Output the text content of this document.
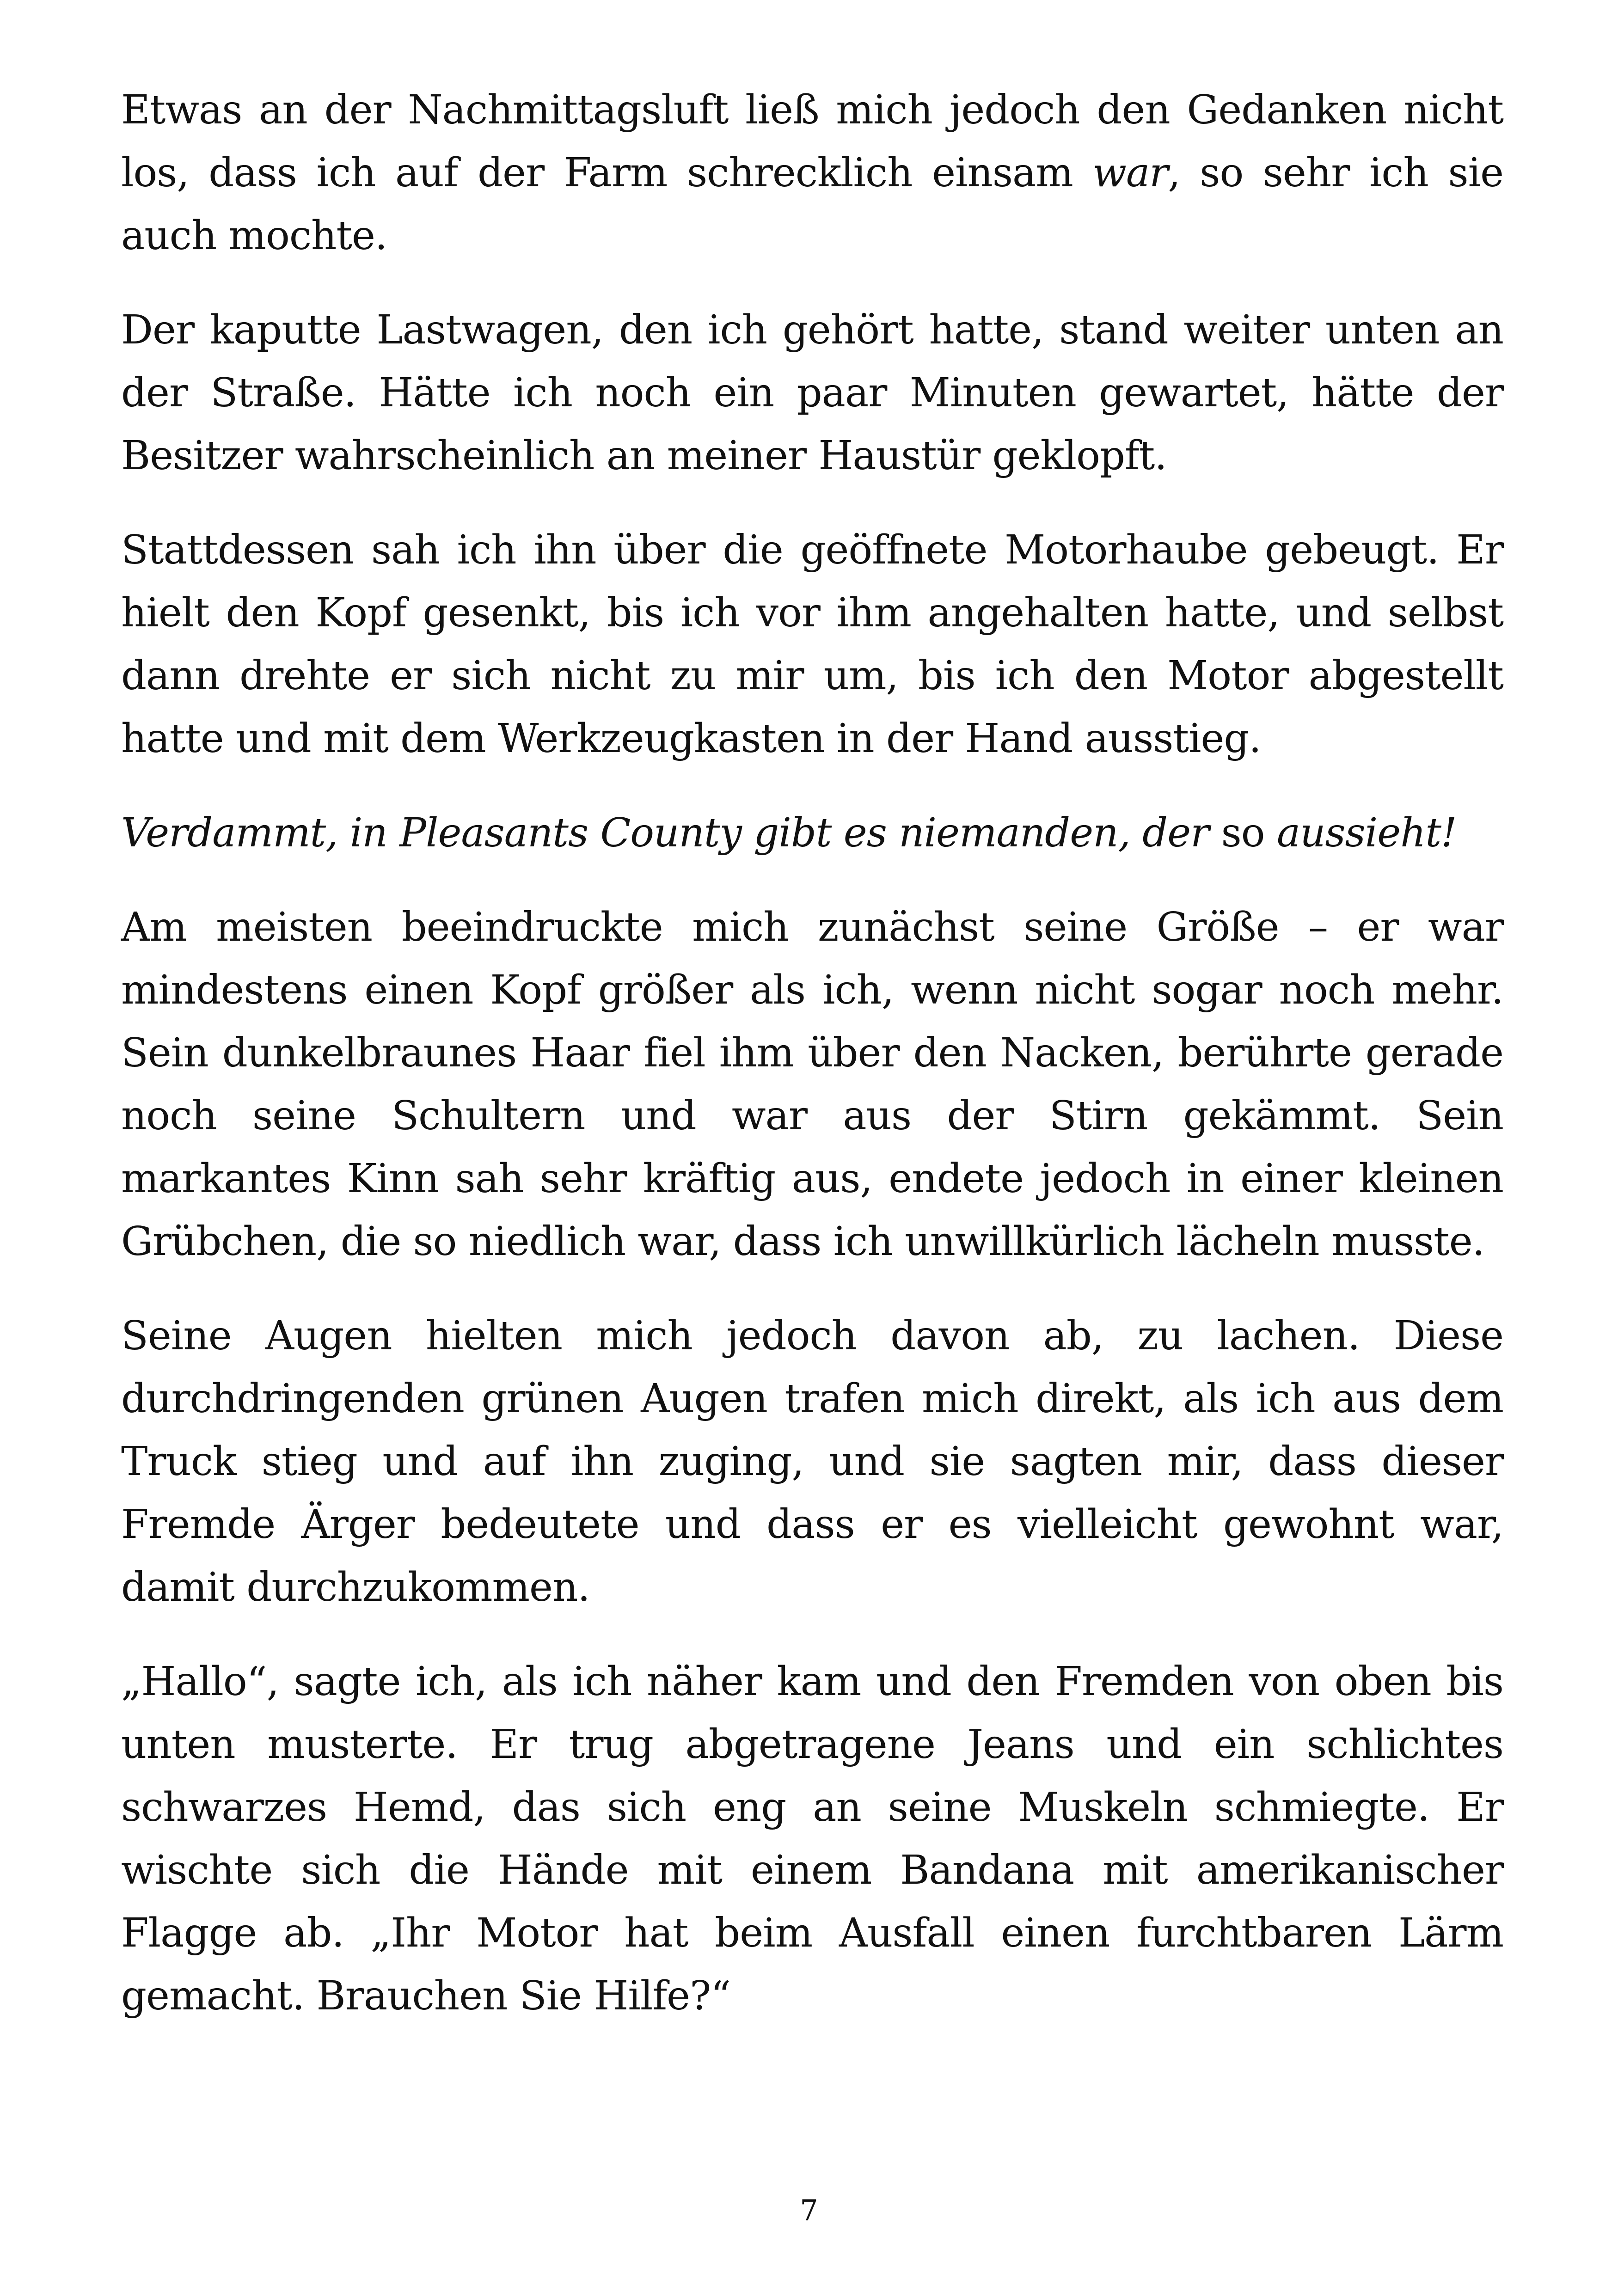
Etwas an der Nachmittagsluft ließ mich jedoch den Gedanken nicht los, dass ich auf der Farm schrecklich einsam war, so sehr ich sie auch mochte.

Der kaputte Lastwagen, den ich gehört hatte, stand weiter unten an der Straße. Hätte ich noch ein paar Minuten gewartet, hätte der Besitzer wahrscheinlich an meiner Haustür geklopft.

Stattdessen sah ich ihn über die geöffnete Motorhaube gebeugt. Er hielt den Kopf gesenkt, bis ich vor ihm angehalten hatte, und selbst dann drehte er sich nicht zu mir um, bis ich den Motor abgestellt hatte und mit dem Werkzeugkasten in der Hand ausstieg.

Verdammt, in Pleasants County gibt es niemanden, der so aussieht!

Am meisten beeindruckte mich zunächst seine Größe – er war mindestens einen Kopf größer als ich, wenn nicht sogar noch mehr. Sein dunkelbraunes Haar fiel ihm über den Nacken, berührte gerade noch seine Schultern und war aus der Stirn gekämmt. Sein markantes Kinn sah sehr kräftig aus, endete jedoch in einer kleinen Grübchen, die so niedlich war, dass ich unwillkürlich lächeln musste.

Seine Augen hielten mich jedoch davon ab, zu lachen. Diese durchdringenden grünen Augen trafen mich direkt, als ich aus dem Truck stieg und auf ihn zuging, und sie sagten mir, dass dieser Fremde Ärger bedeutete und dass er es vielleicht gewohnt war, damit durchzukommen.

„Hallo“, sagte ich, als ich näher kam und den Fremden von oben bis unten musterte. Er trug abgetragene Jeans und ein schlichtes schwarzes Hemd, das sich eng an seine Muskeln schmiegte. Er wischte sich die Hände mit einem Bandana mit amerikanischer Flagge ab. „Ihr Motor hat beim Ausfall einen furchtbaren Lärm gemacht. Brauchen Sie Hilfe?“

7
